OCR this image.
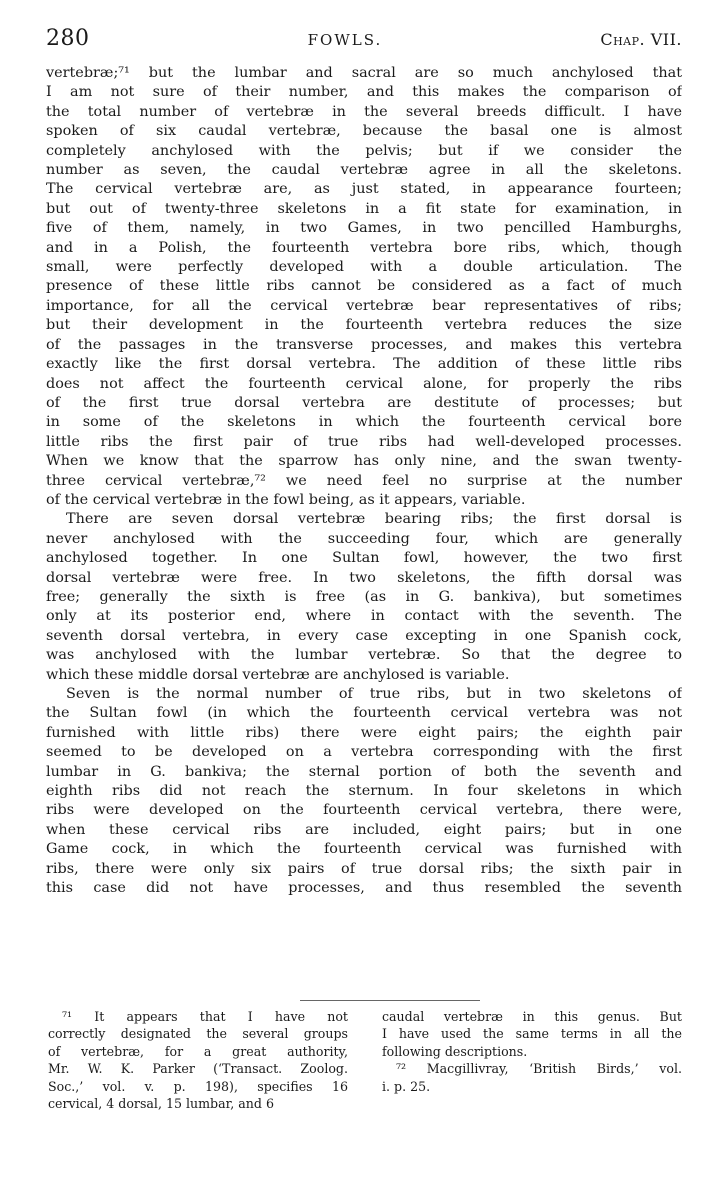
280	FOWLS.	Chap. VII.
vertebræ;⁷¹ but the lumbar and sacral are so much anchylosed that
I am not sure of their number, and this makes the comparison of
the total number of vertebræ in the several breeds difficult. I have
spoken of six caudal vertebræ, because the basal one is almost
completely anchylosed with the pelvis; but if we consider the
number as seven, the caudal vertebræ agree in all the skeletons.
The cervical vertebræ are, as just stated, in appearance fourteen;
but out of twenty-three skeletons in a fit state for examination, in
five of them, namely, in two Games, in two pencilled Hamburghs,
and in a Polish, the fourteenth vertebra bore ribs, which, though
small, were perfectly developed with a double articulation. The
presence of these little ribs cannot be considered as a fact of much
importance, for all the cervical vertebræ bear representatives of ribs;
but their development in the fourteenth vertebra reduces the size
of the passages in the transverse processes, and makes this vertebra
exactly like the first dorsal vertebra. The addition of these little ribs
does not affect the fourteenth cervical alone, for properly the ribs
of the first true dorsal vertebra are destitute of processes; but
in some of the skeletons in which the fourteenth cervical bore
little ribs the first pair of true ribs had well-developed processes.
When we know that the sparrow has only nine, and the swan twenty-
three cervical vertebræ,⁷² we need feel no surprise at the number
of the cervical vertebræ in the fowl being, as it appears, variable.
There are seven dorsal vertebræ bearing ribs; the first dorsal is
never anchylosed with the succeeding four, which are generally
anchylosed together. In one Sultan fowl, however, the two first
dorsal vertebræ were free. In two skeletons, the fifth dorsal was
free; generally the sixth is free (as in G. bankiva), but sometimes
only at its posterior end, where in contact with the seventh. The
seventh dorsal vertebra, in every case excepting in one Spanish cock,
was anchylosed with the lumbar vertebræ. So that the degree to
which these middle dorsal vertebræ are anchylosed is variable.
Seven is the normal number of true ribs, but in two skeletons of
the Sultan fowl (in which the fourteenth cervical vertebra was not
furnished with little ribs) there were eight pairs; the eighth pair
seemed to be developed on a vertebra corresponding with the first
lumbar in G. bankiva; the sternal portion of both the seventh and
eighth ribs did not reach the sternum. In four skeletons in which
ribs were developed on the fourteenth cervical vertebra, there were,
when these cervical ribs are included, eight pairs; but in one
Game cock, in which the fourteenth cervical was furnished with
ribs, there were only six pairs of true dorsal ribs; the sixth pair in
this case did not have processes, and thus resembled the seventh
⁷¹ It appears that I have not
correctly designated the several groups
of vertebræ, for a great authority,
Mr. W. K. Parker (‘Transact. Zoolog.
Soc.,’ vol. v. p. 198), specifies 16
cervical, 4 dorsal, 15 lumbar, and 6
caudal vertebræ in this genus. But
I have used the same terms in all the
following descriptions.
⁷² Macgillivray, ‘British Birds,’ vol.
i. p. 25.
